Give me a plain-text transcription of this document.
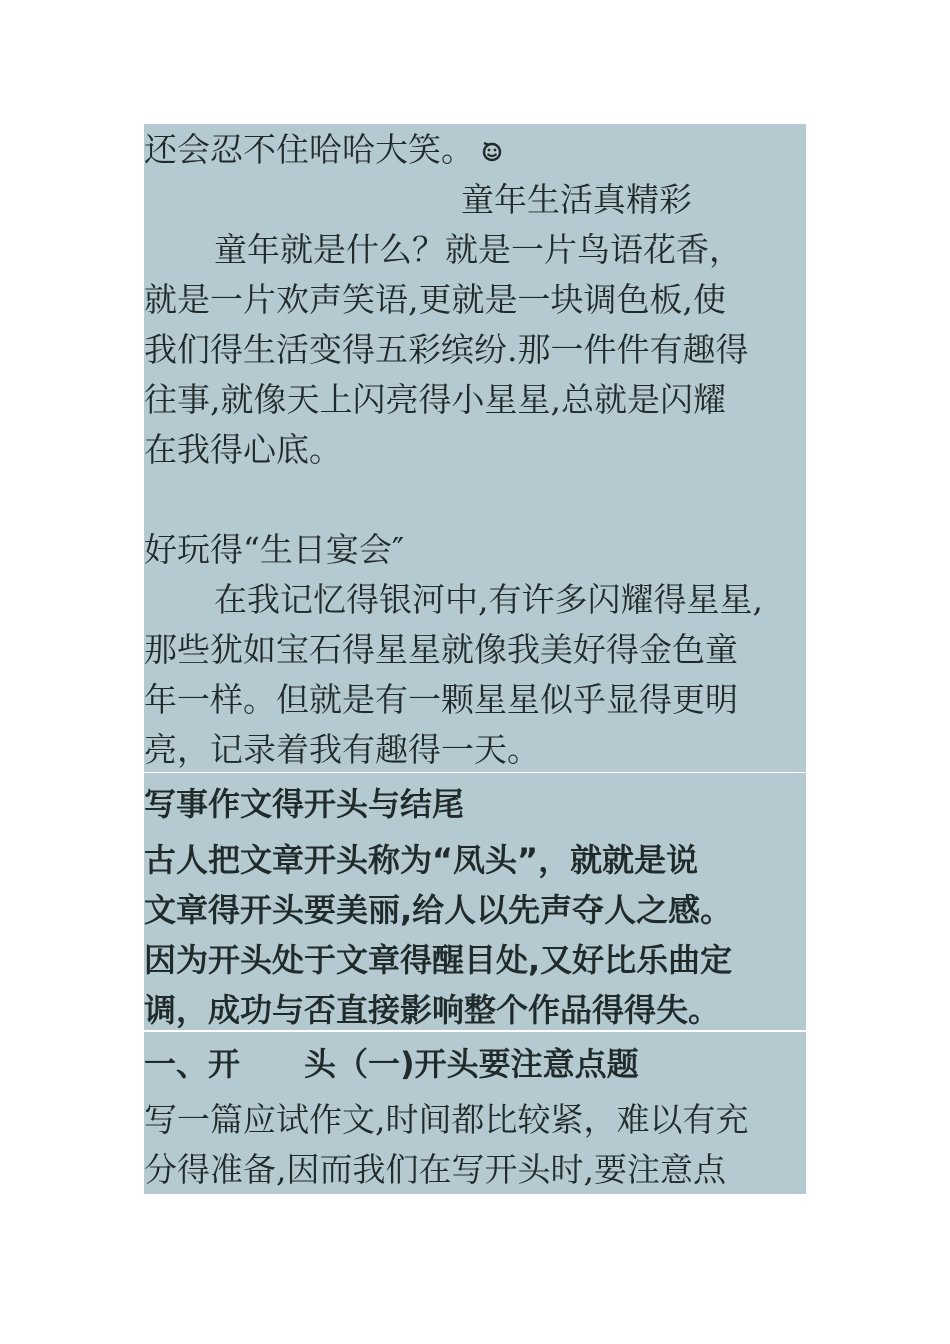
还会忍不住哈哈大笑。
童年生活真精彩
童年就是什么？就是一片鸟语花香，
就是一片欢声笑语,更就是一块调色板,使
我们得生活变得五彩缤纷.那一件件有趣得
往事,就像天上闪亮得小星星,总就是闪耀
在我得心底。
好玩得“生日宴会″
在我记忆得银河中,有许多闪耀得星星,
那些犹如宝石得星星就像我美好得金色童
年一样。但就是有一颗星星似乎显得更明
亮，记录着我有趣得一天。
写事作文得开头与结尾
古人把文章开头称为“凤头”，就就是说
文章得开头要美丽,给人以先声夺人之感。
因为开头处于文章得醒目处,又好比乐曲定
调，成功与否直接影响整个作品得得失。
一、开　　头（一)开头要注意点题
写一篇应试作文,时间都比较紧，难以有充
分得准备,因而我们在写开头时,要注意点
